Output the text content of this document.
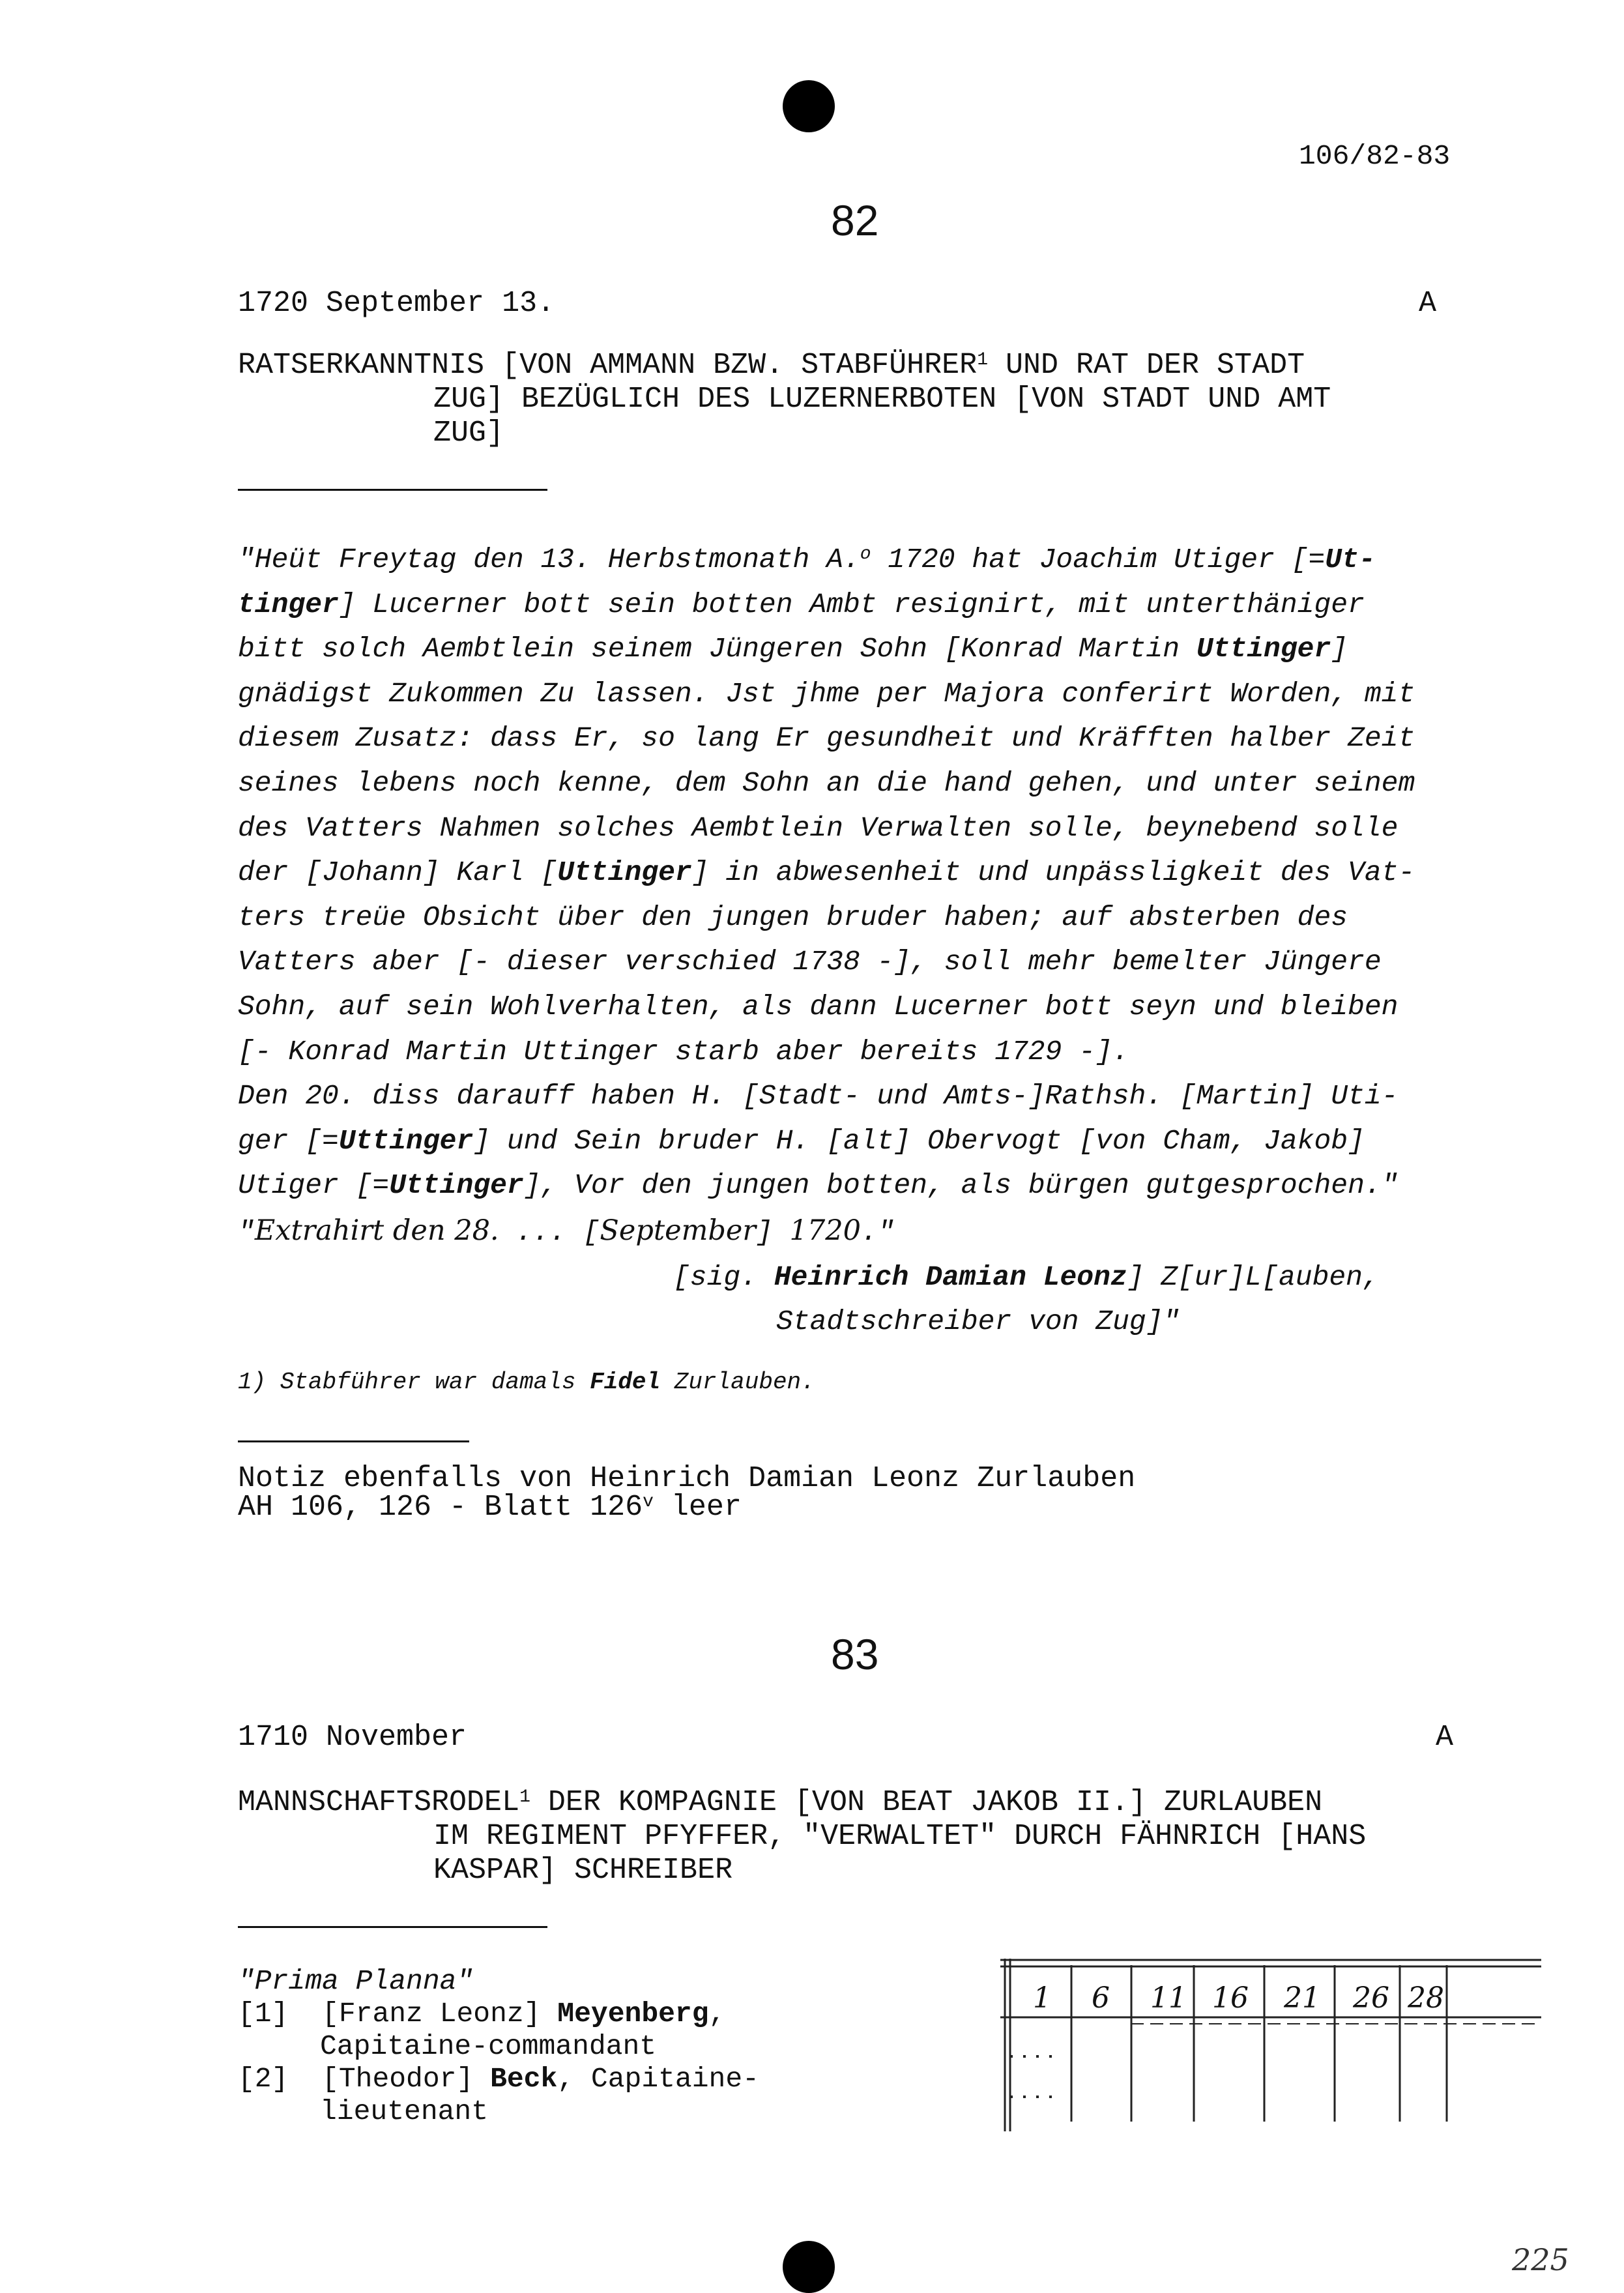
106/82-83
82
1720 September 13.	A
RATSERKANNTNIS [VON AMMANN BZW. STABFÜHRER$^1$ UND RAT DER STADT
ZUG] BEZÜGLICH DES LUZERNERBOTEN [VON STADT UND AMT
ZUG]

"Heüt Freytag den 13. Herbstmonath A.$^o$ 1720 hat Joachim Utiger [=Ut-

tinger] Lucerner bott sein botten Ambt resignirt, mit unterthäniger

bitt solch Aembtlein seinem Jüngeren Sohn [Konrad Martin Uttinger]

gnädigst Zukommen Zu lassen. Jst jhme per Majora conferirt Worden, mit

diesem Zusatz: dass Er, so lang Er gesundheit und Kräfften halber Zeit

seines lebens noch kenne, dem Sohn an die hand gehen, und unter seinem

des Vatters Nahmen solches Aembtlein Verwalten solle, beynebend solle

der [Johann] Karl [Uttinger] in abwesenheit und unpässligkeit des Vat-

ters treüe Obsicht über den jungen bruder haben; auf absterben des

Vatters aber [- dieser verschied 1738 -], soll mehr bemelter Jüngere

Sohn, auf sein Wohlverhalten, als dann Lucerner bott seyn und bleiben

[- Konrad Martin Uttinger starb aber bereits 1729 -].

Den 20. diss darauff haben H. [Stadt- und Amts-]Rathsh. [Martin] Uti-

ger [=Uttinger] und Sein bruder H. [alt] Obervogt [von Cham, Jakob]

Utiger [=Uttinger], Vor den jungen botten, als bürgen gutgesprochen."

"Extrahirt den 28. ... [September] 1720."

[sig. Heinrich Damian Leonz] Z[ur]L[auben,

Stadtschreiber von Zug]"

1) Stabführer war damals Fidel Zurlauben.
Notiz ebenfalls von Heinrich Damian Leonz Zurlauben
AH 106, 126 - Blatt 126$^v$ leer
83
1710 November	A
MANNSCHAFTSRODEL$^1$ DER KOMPAGNIE [VON BEAT JAKOB II.] ZURLAUBEN
IM REGIMENT PFYFFER, "VERWALTET" DURCH FÄHNRICH [HANS
KASPAR] SCHREIBER
"Prima Planna"
[1] [Franz Leonz] Meyenberg,
Capitaine-commandant
[2] [Theodor] Beck, Capitaine-
lieutenant
1 6 11 16 21 26 28
225
